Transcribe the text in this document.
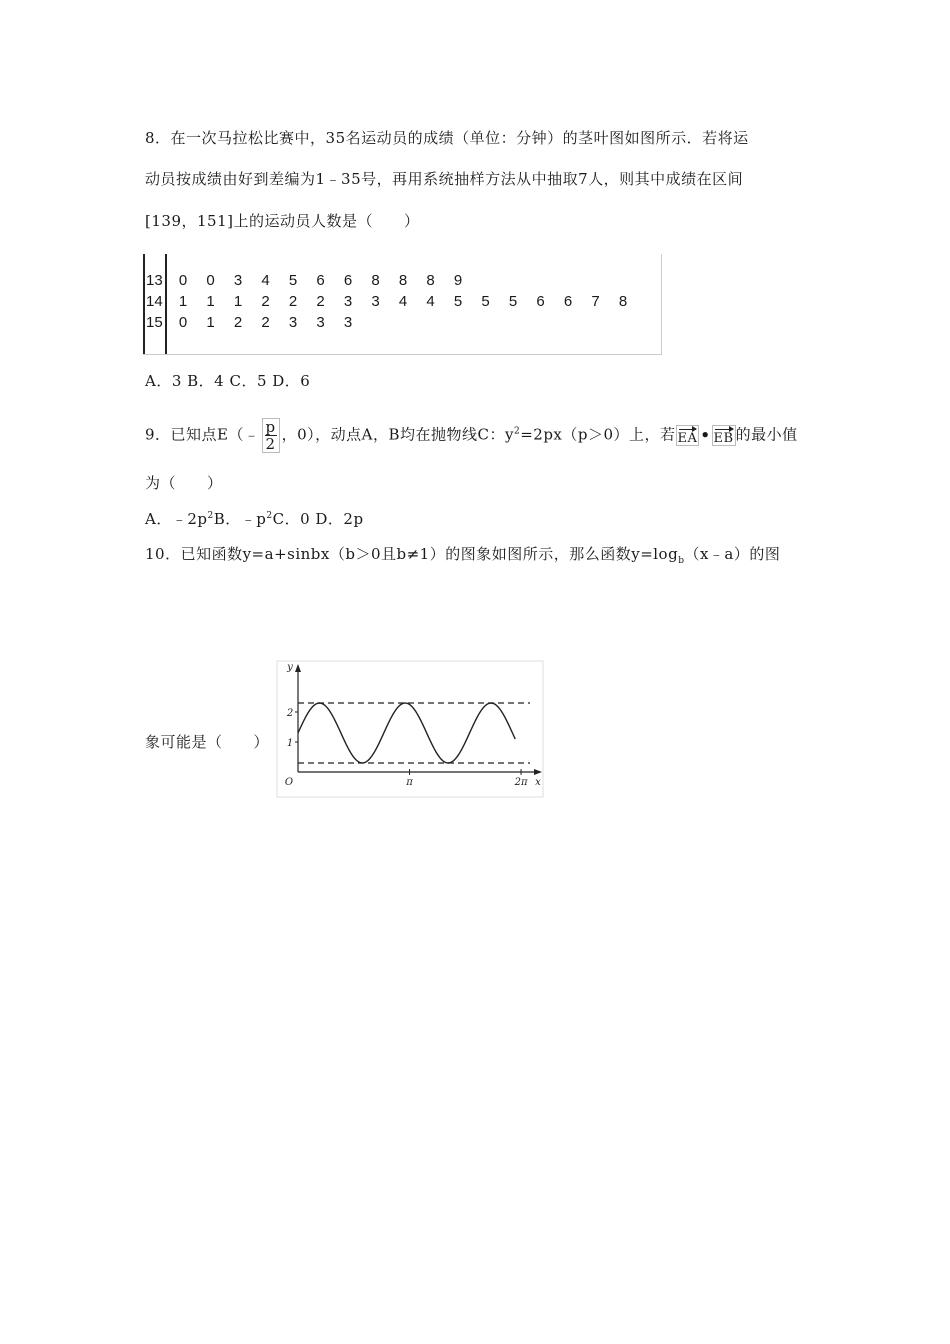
8．在一次马拉松比赛中，35名运动员的成绩（单位：分钟）的茎叶图如图所示．若将运
动员按成绩由好到差编为1﹣35号，再用系统抽样方法从中抽取7人，则其中成绩在区间
[139，151]上的运动员人数是（　　）
13	0	0	3	4	5	6	6	8	8	8	9
14	1	1	1	2	2	2	3	3	4	4	5	5	5	6	6	7	8
15	0	1	2	2	3	3	3
A．3 B．4 C．5 D．6
9．已知点E（﹣ $\frac{p}{2}$ ，0），动点A，B均在抛物线C：$y^2=2px(p>0)$上，若 EA • EB 的最小值
为（　　）
A．$﹣2p^2B$．$﹣p^2C$．0 D．2p
10．已知函数y=a+sinbx（b＞0且b≠1）的图象如图所示，那么函数$y=\log_b(x﹣a)$的图
象可能是（　　）
π	2π
1
2
O	x
y
